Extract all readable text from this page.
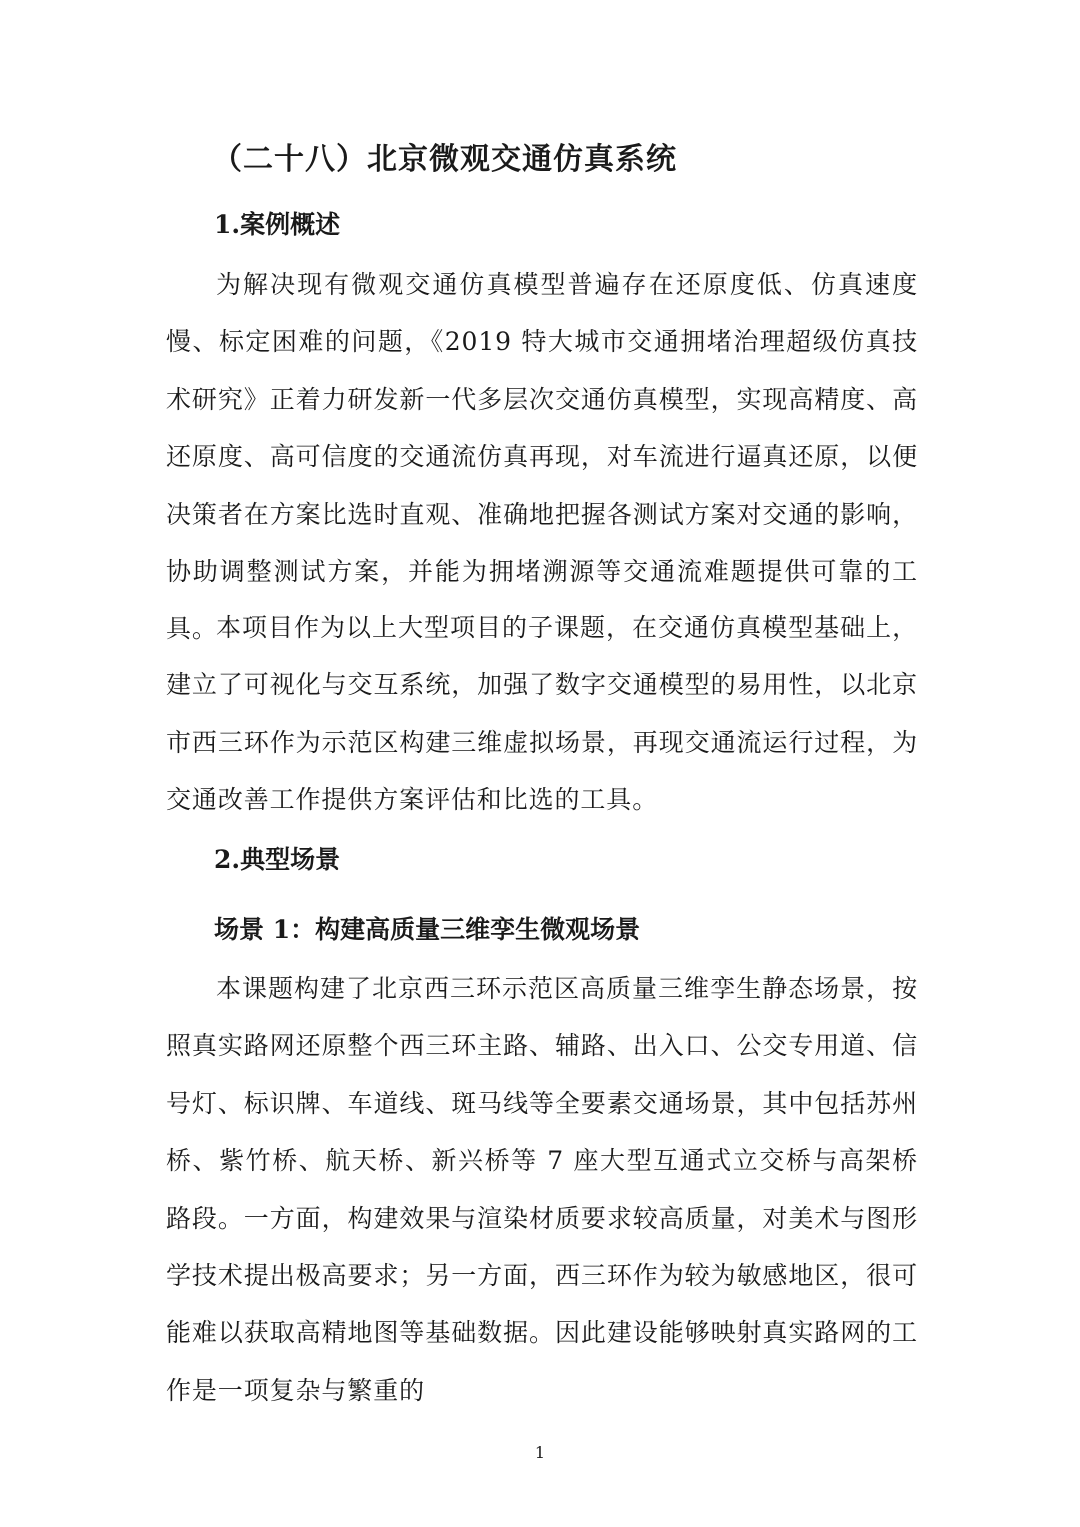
（二十八）北京微观交通仿真系统
1.案例概述

为解决现有微观交通仿真模型普遍存在还原度低、仿真速度慢、标定困难的问题，《2019 特大城市交通拥堵治理超级仿真技术研究》正着力研发新一代多层次交通仿真模型，实现高精度、高还原度、高可信度的交通流仿真再现，对车流进行逼真还原，以便决策者在方案比选时直观、准确地把握各测试方案对交通的影响，协助调整测试方案，并能为拥堵溯源等交通流难题提供可靠的工具。

本项目作为以上大型项目的子课题，在交通仿真模型基础上，建立了可视化与交互系统，加强了数字交通模型的易用性，以北京市西三环作为示范区构建三维虚拟场景，再现交通流运行过程，为交通改善工作提供方案评估和比选的工具。

2.典型场景
场景 1：构建高质量三维孪生微观场景

本课题构建了北京西三环示范区高质量三维孪生静态场景，按照真实路网还原整个西三环主路、辅路、出入口、公交专用道、信号灯、标识牌、车道线、斑马线等全要素交通场景，其中包括苏州桥、紫竹桥、航天桥、新兴桥等 7 座大型互通式立交桥与高架桥路段。一方面，构建效果与渲染材质要求较高质量，对美术与图形学技术提出极高要求；另一方面，西三环作为较为敏感地区，很可能难以获取高精地图等基础数据。因此建设能够映射真实路网的工作是一项复杂与繁重的

1
